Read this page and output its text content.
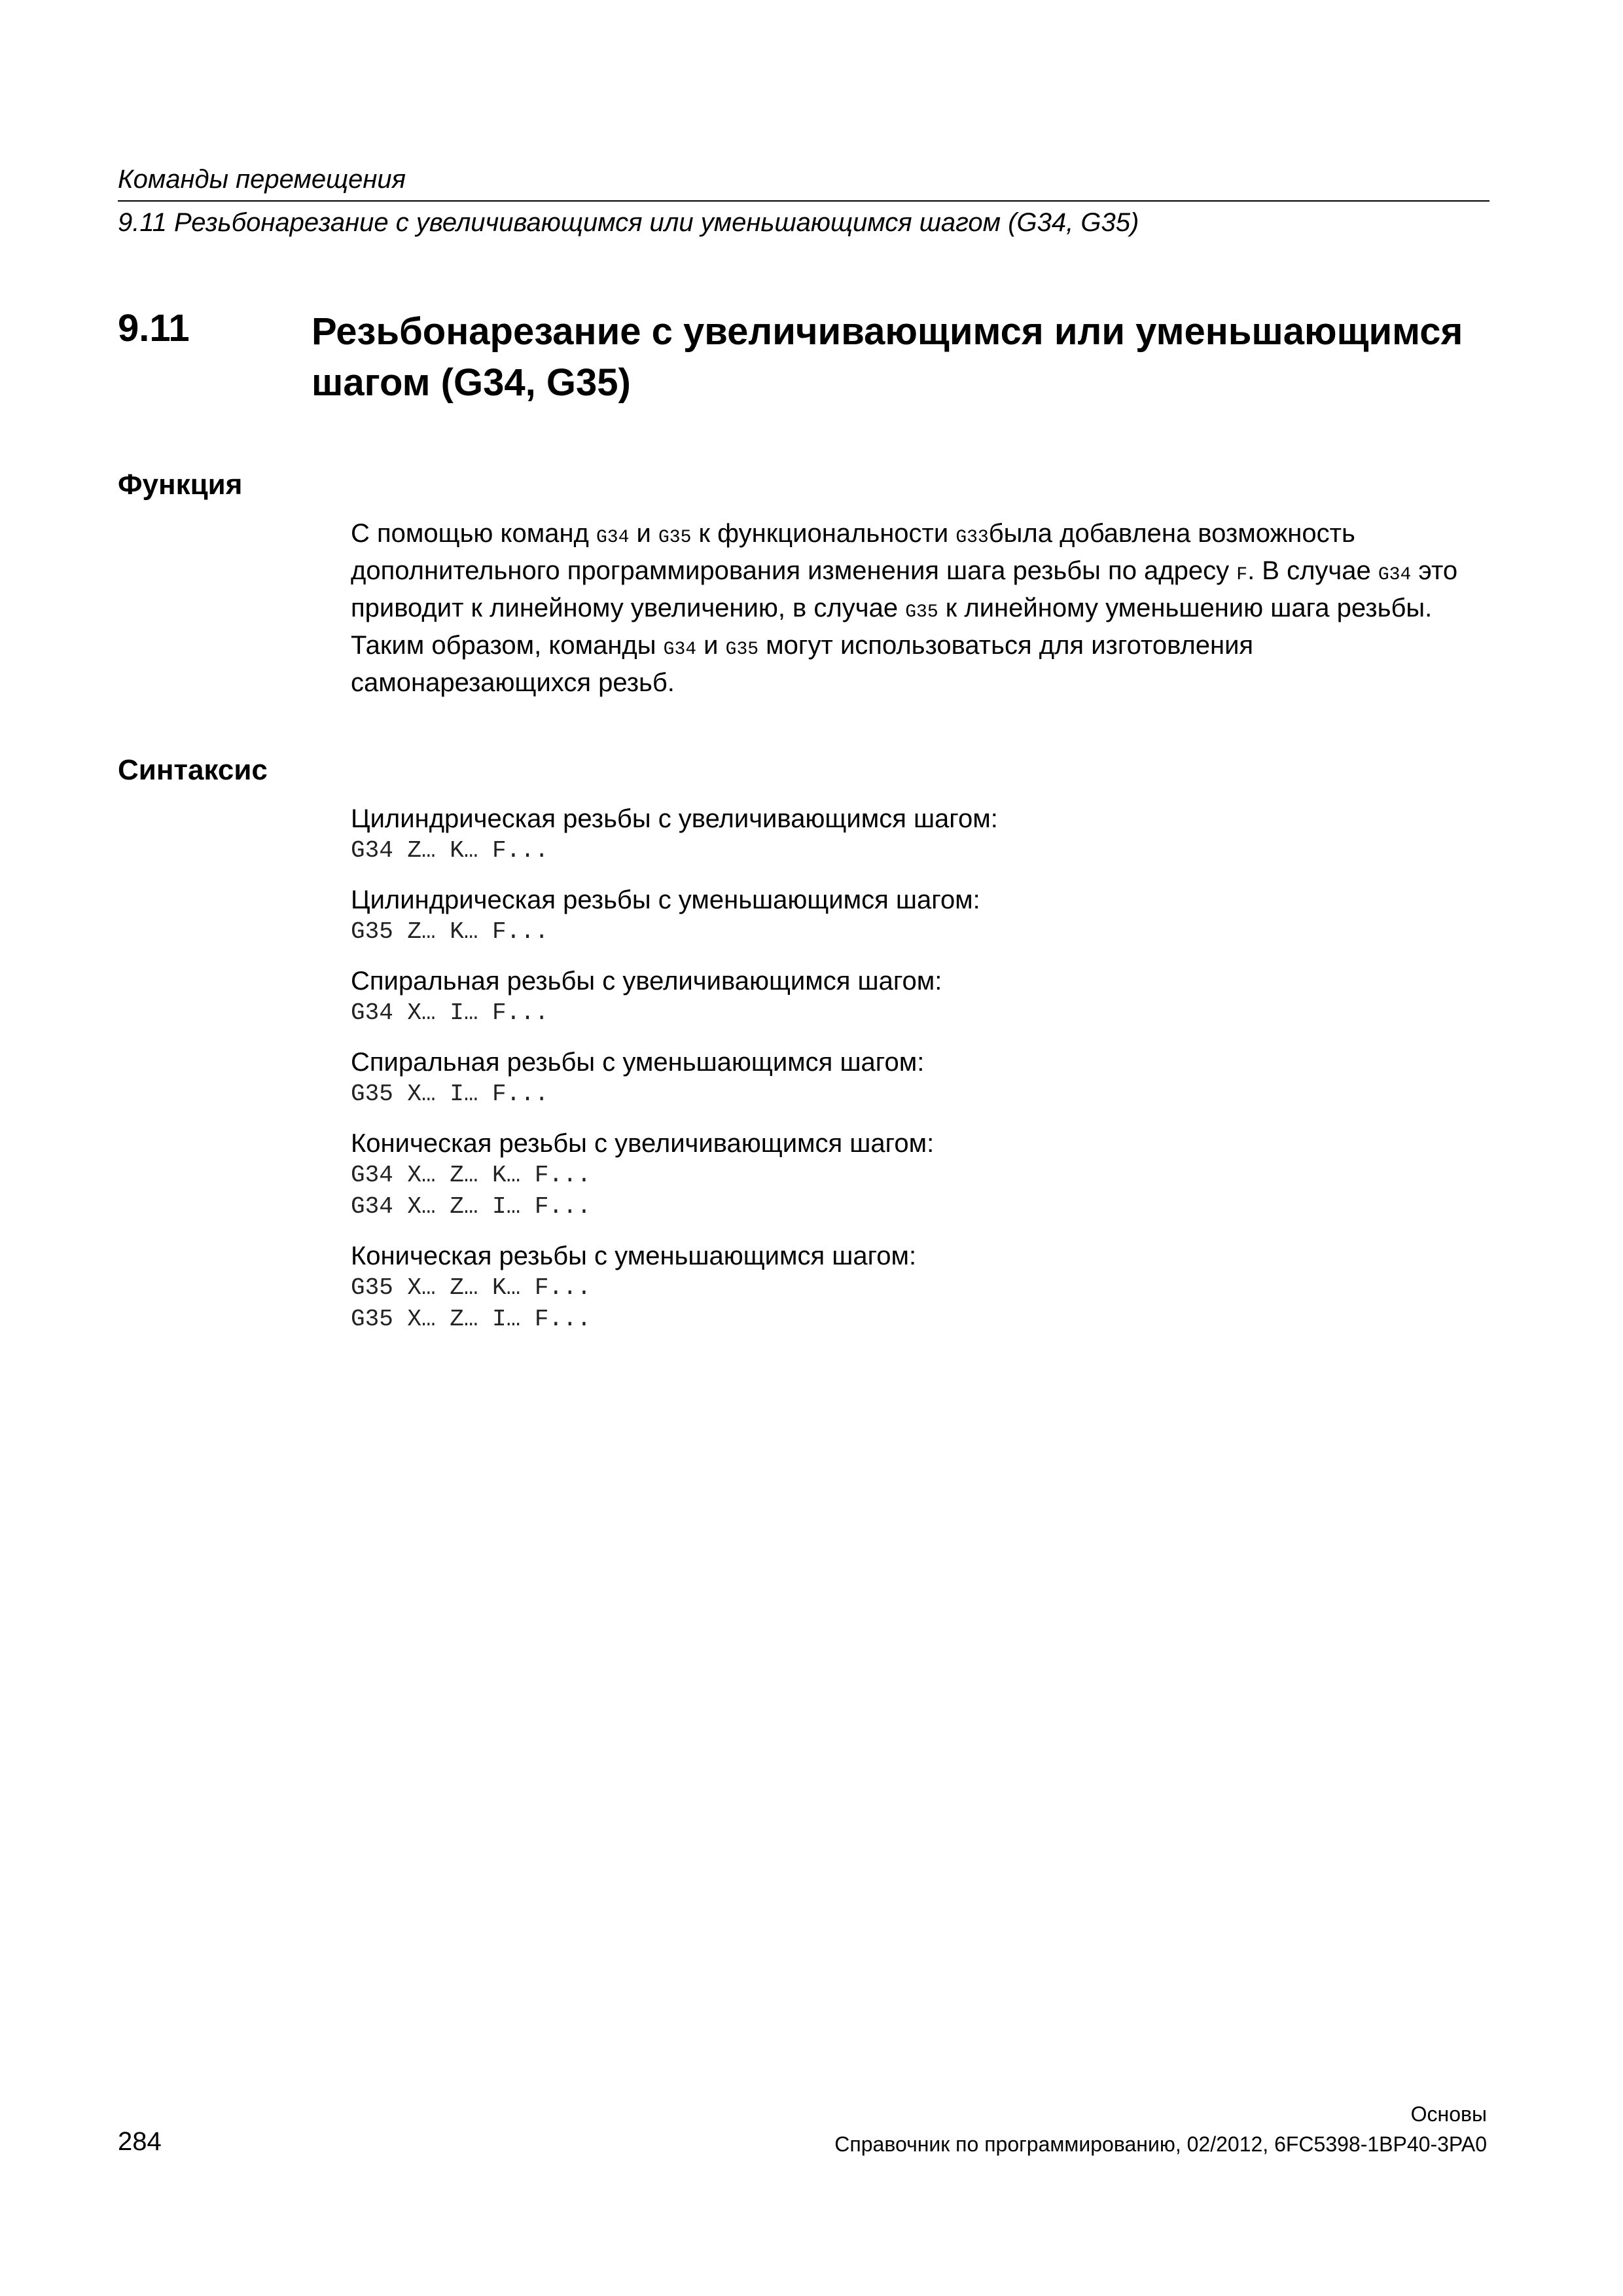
Команды перемещения
9.11 Резьбонарезание с увеличивающимся или уменьшающимся шагом (G34, G35)
9.11	Резьбонарезание с увеличивающимся или уменьшающимся шагом (G34, G35)
Функция
С помощью команд G34 и G35 к функциональности G33была добавлена возможность дополнительного программирования изменения шага резьбы по адресу F. В случае G34 это приводит к линейному увеличению, в случае G35 к линейному уменьшению шага резьбы. Таким образом, команды G34 и G35 могут использоваться для изготовления самонарезающихся резьб.
Синтаксис
Цилиндрическая резьбы с увеличивающимся шагом:
G34 Z… K… F...
Цилиндрическая резьбы с уменьшающимся шагом:
G35 Z… K… F...
Спиральная резьбы с увеличивающимся шагом:
G34 X… I… F...
Спиральная резьбы с уменьшающимся шагом:
G35 X… I… F...
Коническая резьбы с увеличивающимся шагом:
G34 X… Z… K… F...
G34 X… Z… I… F...
Коническая резьбы с уменьшающимся шагом:
G35 X… Z… K… F...
G35 X… Z… I… F...
Основы
284	Справочник по программированию, 02/2012, 6FC5398-1BP40-3PA0
